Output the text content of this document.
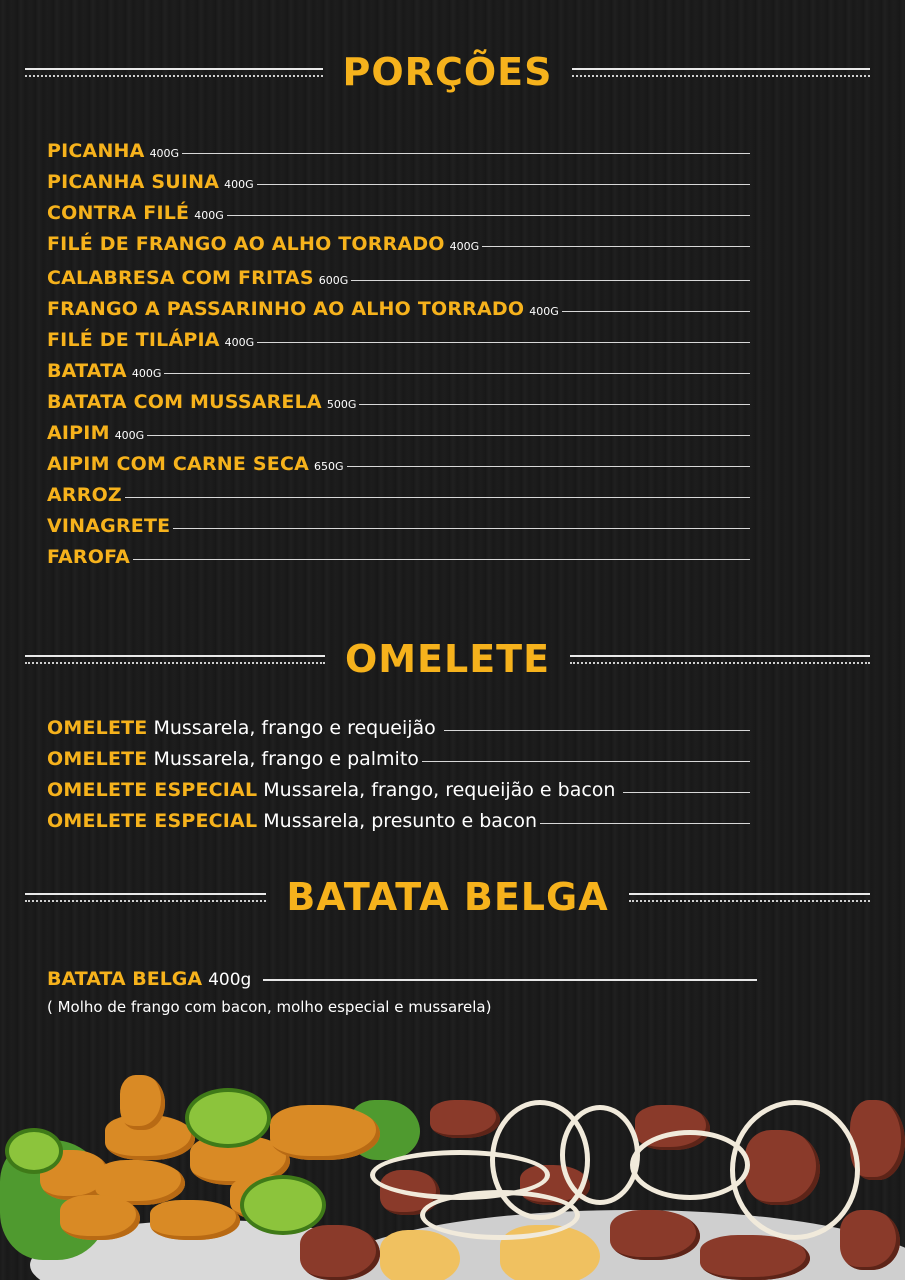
PORÇÕES
PICANHA 400G
PICANHA SUINA 400G
CONTRA FILÉ 400G
FILÉ DE FRANGO AO ALHO TORRADO 400G
CALABRESA COM FRITAS 600G
FRANGO A PASSARINHO AO ALHO TORRADO 400G
FILÉ DE TILÁPIA 400G
BATATA 400G
BATATA COM MUSSARELA 500G
AIPIM 400G
AIPIM COM CARNE SECA 650G
ARROZ
VINAGRETE
FAROFA
OMELETE
OMELETE Mussarela, frango e requeijão
OMELETE Mussarela, frango e palmito
OMELETE ESPECIAL Mussarela, frango, requeijão e bacon
OMELETE ESPECIAL Mussarela, presunto e bacon
BATATA BELGA
BATATA BELGA 400g
( Molho de frango com bacon, molho especial e mussarela)
